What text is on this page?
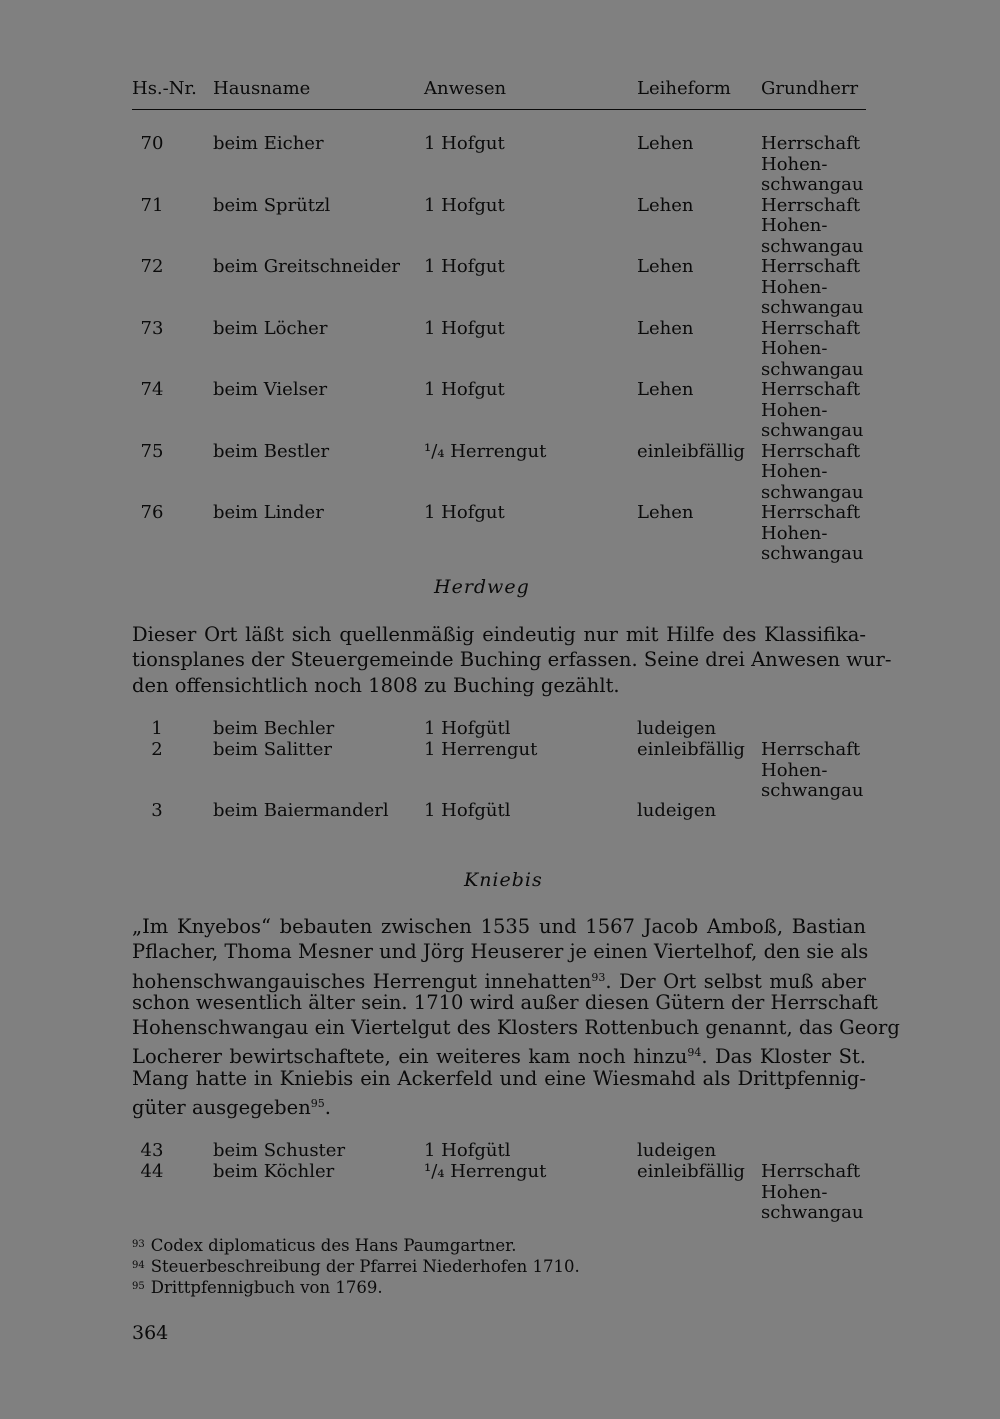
Hs.-Nr. Hausname	Anwesen	Leiheform Grundherr
70	beim Eicher	1 Hofgut	Lehen	Herrschaft
Hohen-
schwangau
71	beim Sprützl	1 Hofgut	Lehen	Herrschaft
Hohen-
schwangau
72	beim Greitschneider 1 Hofgut	Lehen	Herrschaft
Hohen-
schwangau
73	beim Löcher	1 Hofgut	Lehen	Herrschaft
Hohen-
schwangau
74	beim Vielser	1 Hofgut	Lehen	Herrschaft
Hohen-
schwangau
75	beim Bestler	¹/₄ Herrengut	einleibfällig Herrschaft
Hohen-
schwangau
76	beim Linder	1 Hofgut	Lehen	Herrschaft
Hohen-
schwangau
Herdweg
Dieser Ort läßt sich quellenmäßig eindeutig nur mit Hilfe des Klassifika-
tionsplanes der Steuergemeinde Buching erfassen. Seine drei Anwesen wur-
den offensichtlich noch 1808 zu Buching gezählt.
1	beim Bechler	1 Hofgütl	ludeigen
2	beim Salitter	1 Herrengut	einleibfällig Herrschaft
Hohen-
schwangau
3	beim Baiermanderl 1 Hofgütl	ludeigen
Kniebis
„Im Knyebos“ bebauten zwischen 1535 und 1567 Jacob Amboß, Bastian
Pflacher, Thoma Mesner und Jörg Heuserer je einen Viertelhof, den sie als
hohenschwangauisches Herrengut innehatten$^{93}$. Der Ort selbst muß aber
schon wesentlich älter sein. 1710 wird außer diesen Gütern der Herrschaft
Hohenschwangau ein Viertelgut des Klosters Rottenbuch genannt, das Georg
Locherer bewirtschaftete, ein weiteres kam noch hinzu$^{94}$. Das Kloster St.
Mang hatte in Kniebis ein Ackerfeld und eine Wiesmahd als Drittpfennig-
güter ausgegeben$^{95}$.
43	beim Schuster	1 Hofgütl	ludeigen
44	beim Köchler	¹/₄ Herrengut	einleibfällig Herrschaft
Hohen-
schwangau
$^{93}$ Codex diplomaticus des Hans Paumgartner.
$^{94}$ Steuerbeschreibung der Pfarrei Niederhofen 1710.
$^{95}$ Drittpfennigbuch von 1769.
364
